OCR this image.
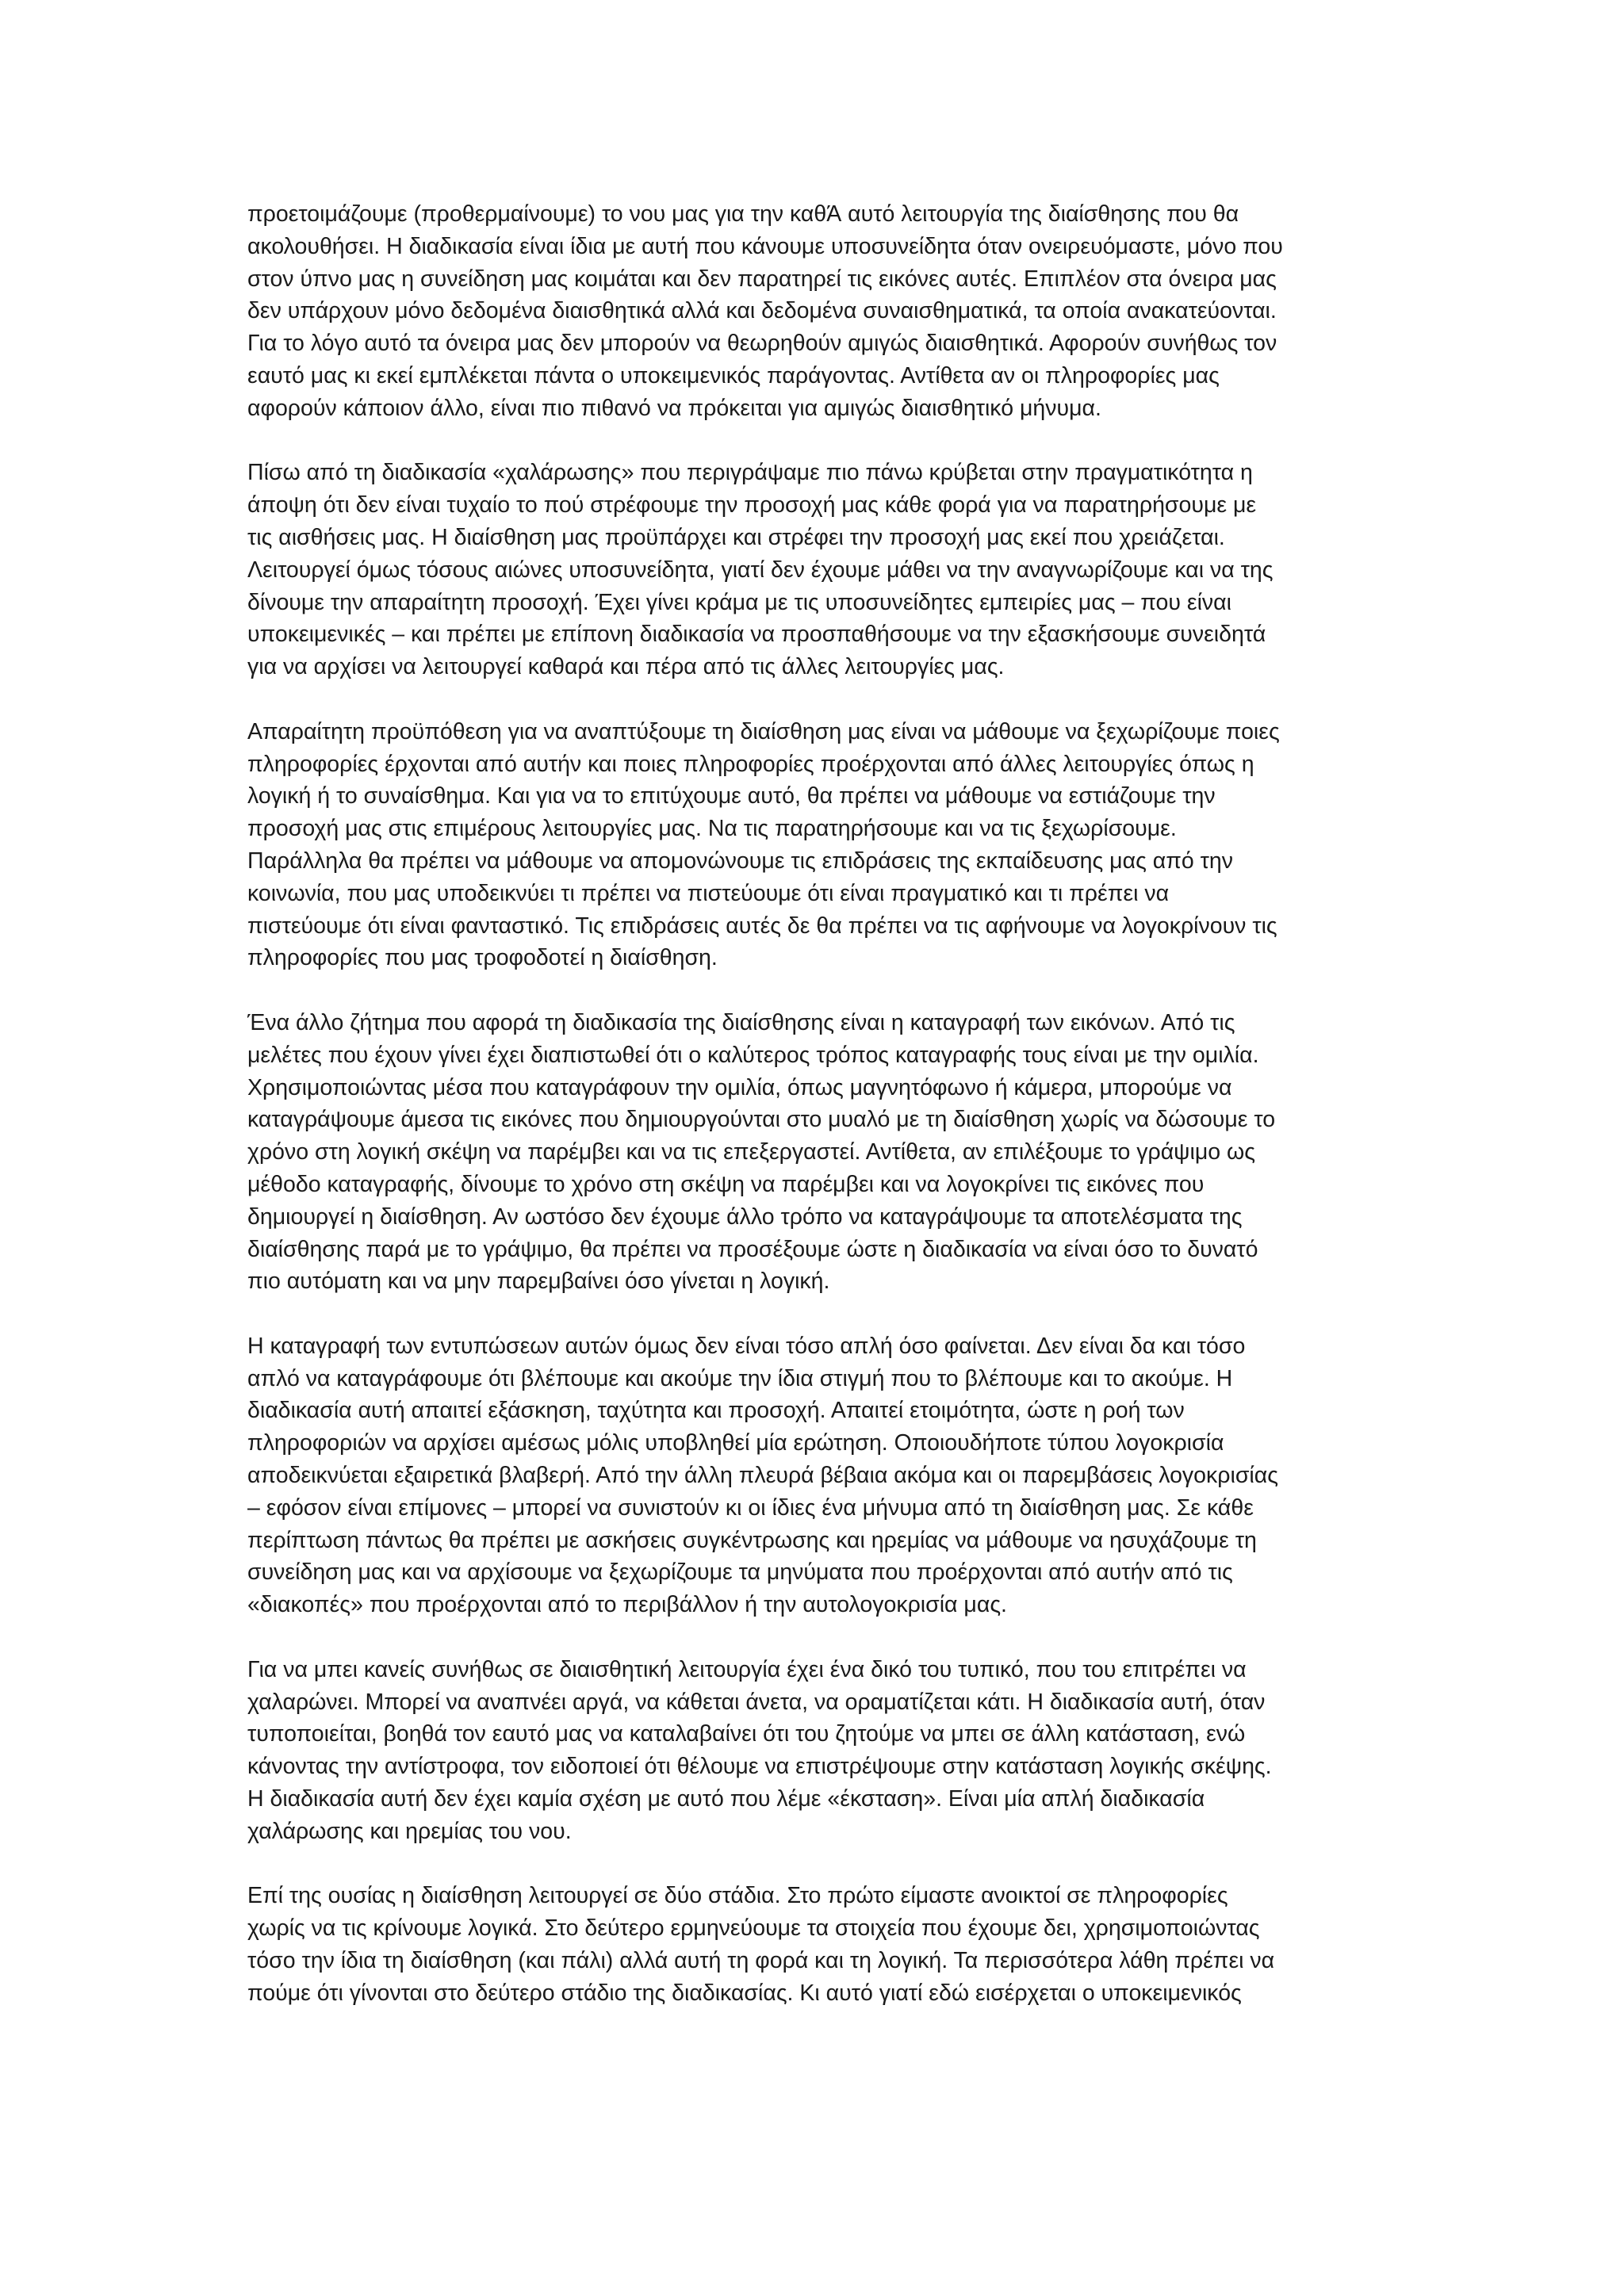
προετοιμάζουμε (προθερμαίνουμε) το νου μας για την καθΆ αυτό λειτουργία της διαίσθησης που θα
ακολουθήσει. Η διαδικασία είναι ίδια με αυτή που κάνουμε υποσυνείδητα όταν ονειρευόμαστε, μόνο που
στον ύπνο μας η συνείδηση μας κοιμάται και δεν παρατηρεί τις εικόνες αυτές. Επιπλέον στα όνειρα μας
δεν υπάρχουν μόνο δεδομένα διαισθητικά αλλά και δεδομένα συναισθηματικά, τα οποία ανακατεύονται.
Για το λόγο αυτό τα όνειρα μας δεν μπορούν να θεωρηθούν αμιγώς διαισθητικά. Αφορούν συνήθως τον
εαυτό μας κι εκεί εμπλέκεται πάντα ο υποκειμενικός παράγοντας. Αντίθετα αν οι πληροφορίες μας
αφορούν κάποιον άλλο, είναι πιο πιθανό να πρόκειται για αμιγώς διαισθητικό μήνυμα.
Πίσω από τη διαδικασία «χαλάρωσης» που περιγράψαμε πιο πάνω κρύβεται στην πραγματικότητα η
άποψη ότι δεν είναι τυχαίο το πού στρέφουμε την προσοχή μας κάθε φορά για να παρατηρήσουμε με
τις αισθήσεις μας. Η διαίσθηση μας προϋπάρχει και στρέφει την προσοχή μας εκεί που χρειάζεται.
Λειτουργεί όμως τόσους αιώνες υποσυνείδητα, γιατί δεν έχουμε μάθει να την αναγνωρίζουμε και να της
δίνουμε την απαραίτητη προσοχή. Έχει γίνει κράμα με τις υποσυνείδητες εμπειρίες μας – που είναι
υποκειμενικές – και πρέπει με επίπονη διαδικασία να προσπαθήσουμε να την εξασκήσουμε συνειδητά
για να αρχίσει να λειτουργεί καθαρά και πέρα από τις άλλες λειτουργίες μας.
Απαραίτητη προϋπόθεση για να αναπτύξουμε τη διαίσθηση μας είναι να μάθουμε να ξεχωρίζουμε ποιες
πληροφορίες έρχονται από αυτήν και ποιες πληροφορίες προέρχονται από άλλες λειτουργίες όπως η
λογική ή το συναίσθημα. Και για να το επιτύχουμε αυτό, θα πρέπει να μάθουμε να εστιάζουμε την
προσοχή μας στις επιμέρους λειτουργίες μας. Να τις παρατηρήσουμε και να τις ξεχωρίσουμε.
Παράλληλα θα πρέπει να μάθουμε να απομονώνουμε τις επιδράσεις της εκπαίδευσης μας από την
κοινωνία, που μας υποδεικνύει τι πρέπει να πιστεύουμε ότι είναι πραγματικό και τι πρέπει να
πιστεύουμε ότι είναι φανταστικό. Τις επιδράσεις αυτές δε θα πρέπει να τις αφήνουμε να λογοκρίνουν τις
πληροφορίες που μας τροφοδοτεί η διαίσθηση.
Ένα άλλο ζήτημα που αφορά τη διαδικασία της διαίσθησης είναι η καταγραφή των εικόνων. Από τις
μελέτες που έχουν γίνει έχει διαπιστωθεί ότι ο καλύτερος τρόπος καταγραφής τους είναι με την ομιλία.
Χρησιμοποιώντας μέσα που καταγράφουν την ομιλία, όπως μαγνητόφωνο ή κάμερα, μπορούμε να
καταγράψουμε άμεσα τις εικόνες που δημιουργούνται στο μυαλό με τη διαίσθηση χωρίς να δώσουμε το
χρόνο στη λογική σκέψη να παρέμβει και να τις επεξεργαστεί. Αντίθετα, αν επιλέξουμε το γράψιμο ως
μέθοδο καταγραφής, δίνουμε το χρόνο στη σκέψη να παρέμβει και να λογοκρίνει τις εικόνες που
δημιουργεί η διαίσθηση. Αν ωστόσο δεν έχουμε άλλο τρόπο να καταγράψουμε τα αποτελέσματα της
διαίσθησης παρά με το γράψιμο, θα πρέπει να προσέξουμε ώστε η διαδικασία να είναι όσο το δυνατό
πιο αυτόματη και να μην παρεμβαίνει όσο γίνεται η λογική.
Η καταγραφή των εντυπώσεων αυτών όμως δεν είναι τόσο απλή όσο φαίνεται. Δεν είναι δα και τόσο
απλό να καταγράφουμε ότι βλέπουμε και ακούμε την ίδια στιγμή που το βλέπουμε και το ακούμε. Η
διαδικασία αυτή απαιτεί εξάσκηση, ταχύτητα και προσοχή. Απαιτεί ετοιμότητα, ώστε η ροή των
πληροφοριών να αρχίσει αμέσως μόλις υποβληθεί μία ερώτηση. Οποιουδήποτε τύπου λογοκρισία
αποδεικνύεται εξαιρετικά βλαβερή. Από την άλλη πλευρά βέβαια ακόμα και οι παρεμβάσεις λογοκρισίας
– εφόσον είναι επίμονες – μπορεί να συνιστούν κι οι ίδιες ένα μήνυμα από τη διαίσθηση μας. Σε κάθε
περίπτωση πάντως θα πρέπει με ασκήσεις συγκέντρωσης και ηρεμίας να μάθουμε να ησυχάζουμε τη
συνείδηση μας και να αρχίσουμε να ξεχωρίζουμε τα μηνύματα που προέρχονται από αυτήν από τις
«διακοπές» που προέρχονται από το περιβάλλον ή την αυτολογοκρισία μας.
Για να μπει κανείς συνήθως σε διαισθητική λειτουργία έχει ένα δικό του τυπικό, που του επιτρέπει να
χαλαρώνει. Μπορεί να αναπνέει αργά, να κάθεται άνετα, να οραματίζεται κάτι. Η διαδικασία αυτή, όταν
τυποποιείται, βοηθά τον εαυτό μας να καταλαβαίνει ότι του ζητούμε να μπει σε άλλη κατάσταση, ενώ
κάνοντας την αντίστροφα, τον ειδοποιεί ότι θέλουμε να επιστρέψουμε στην κατάσταση λογικής σκέψης.
Η διαδικασία αυτή δεν έχει καμία σχέση με αυτό που λέμε «έκσταση». Είναι μία απλή διαδικασία
χαλάρωσης και ηρεμίας του νου.
Επί της ουσίας η διαίσθηση λειτουργεί σε δύο στάδια. Στο πρώτο είμαστε ανοικτοί σε πληροφορίες
χωρίς να τις κρίνουμε λογικά. Στο δεύτερο ερμηνεύουμε τα στοιχεία που έχουμε δει, χρησιμοποιώντας
τόσο την ίδια τη διαίσθηση (και πάλι) αλλά αυτή τη φορά και τη λογική. Τα περισσότερα λάθη πρέπει να
πούμε ότι γίνονται στο δεύτερο στάδιο της διαδικασίας. Κι αυτό γιατί εδώ εισέρχεται ο υποκειμενικός
